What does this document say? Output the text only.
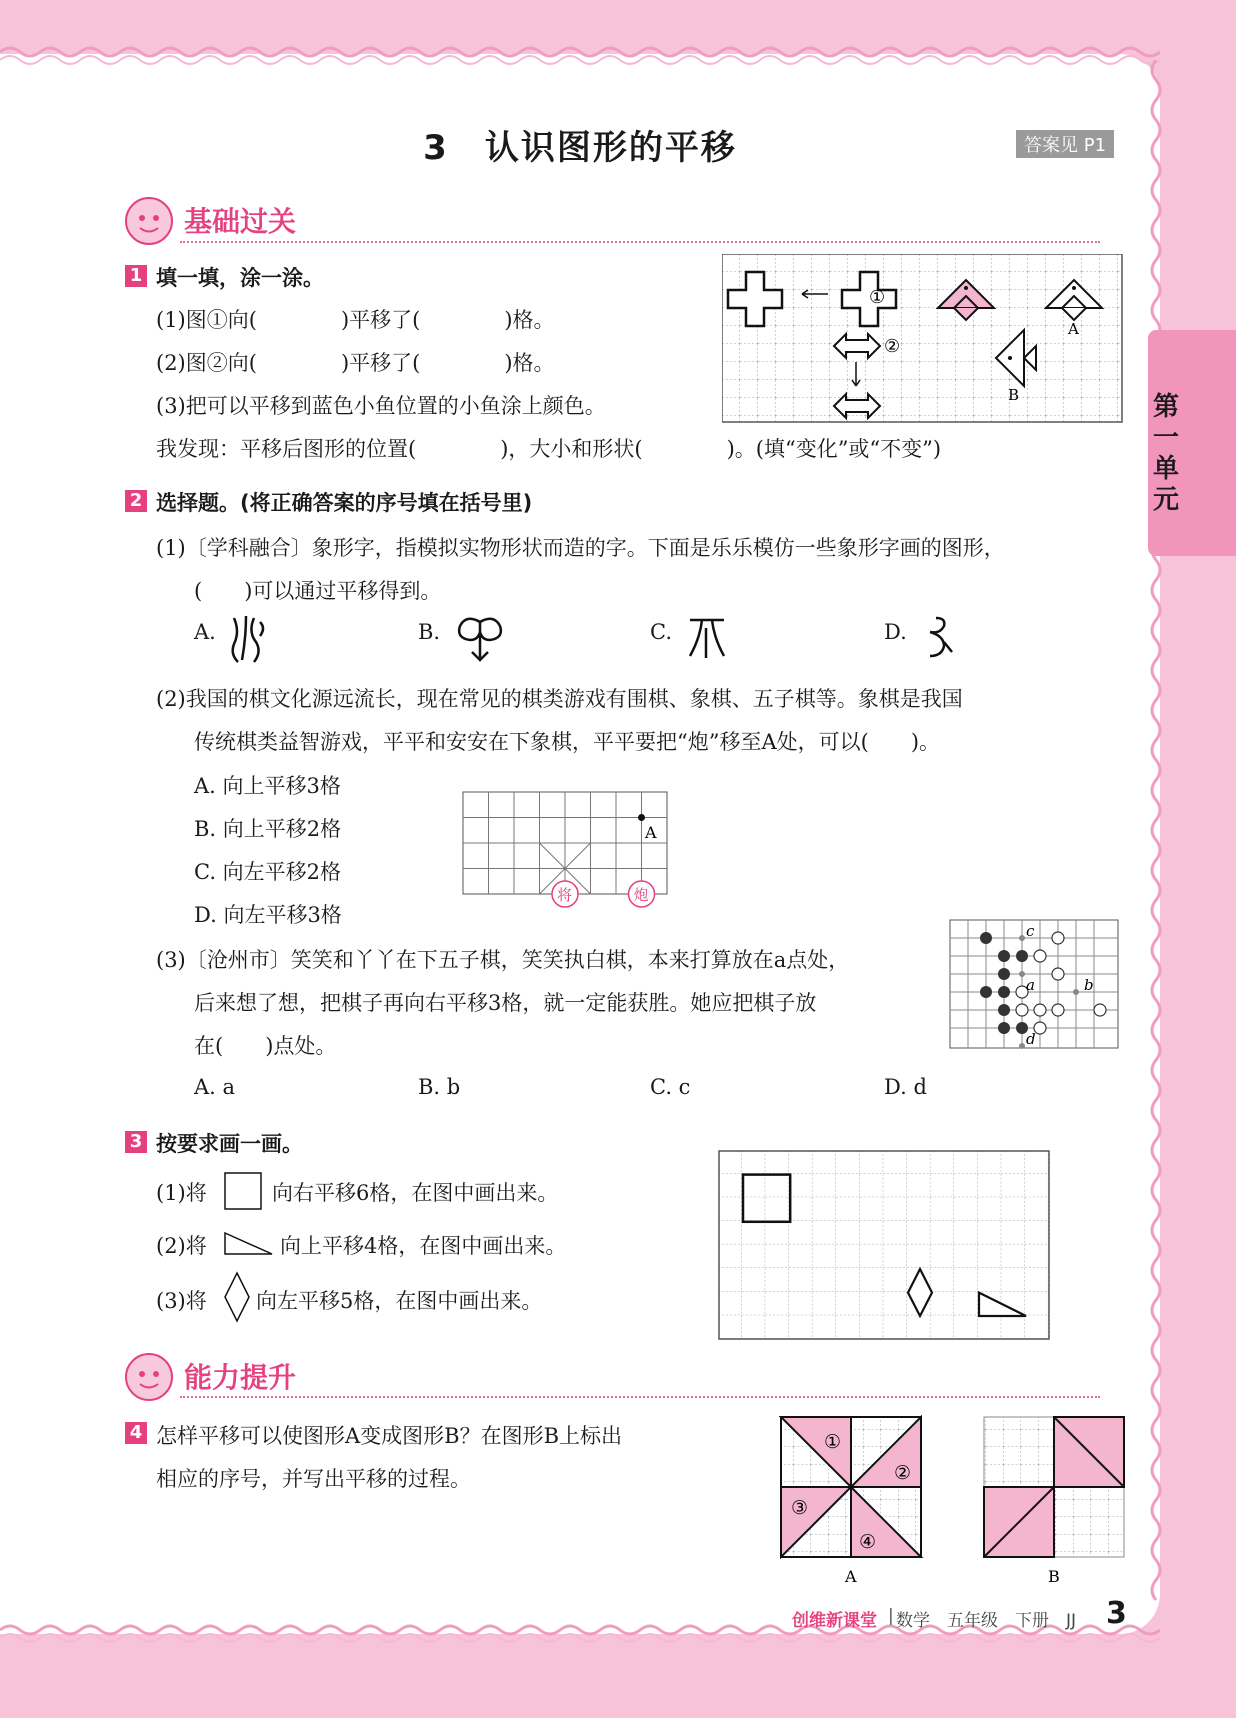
第一单元
3　认识图形的平移	答案见 P1
基础过关
1 填一填，涂一涂。
(1)图①向(　　　　)平移了(　　　　)格。
(2)图②向(　　　　)平移了(　　　　)格。
(3)把可以平移到蓝色小鱼位置的小鱼涂上颜色。
我发现：平移后图形的位置(　　　　)，大小和形状(　　　　)。(填“变化”或“不变”)
①
A
②
B
2 选择题。(将正确答案的序号填在括号里)
(1)〔学科融合〕象形字，指模拟实物形状而造的字。下面是乐乐模仿一些象形字画的图形，
(　　)可以通过平移得到。
A.	B.	C.	D.
(2)我国的棋文化源远流长，现在常见的棋类游戏有围棋、象棋、五子棋等。象棋是我国
传统棋类益智游戏，平平和安安在下象棋，平平要把“炮”移至A处，可以(　　)。
A. 向上平移3格
B. 向上平移2格
C. 向左平移2格
D. 向左平移3格
A
将	炮
(3)〔沧州市〕笑笑和丫丫在下五子棋，笑笑执白棋，本来打算放在a点处，
后来想了想，把棋子再向右平移3格，就一定能获胜。她应把棋子放
在(　　)点处。
A. a	B. b	C. c	D. d
c
a	b
d
3 按要求画一画。
(1)将	向右平移6格，在图中画出来。
(2)将	向上平移4格，在图中画出来。
(3)将 向左平移5格，在图中画出来。
能力提升
4 怎样平移可以使图形A变成图形B？在图形B上标出
相应的序号，并写出平移的过程。
①
②
③
④
A	B
创维新课堂 | 数学　五年级　下册　JJ 3
